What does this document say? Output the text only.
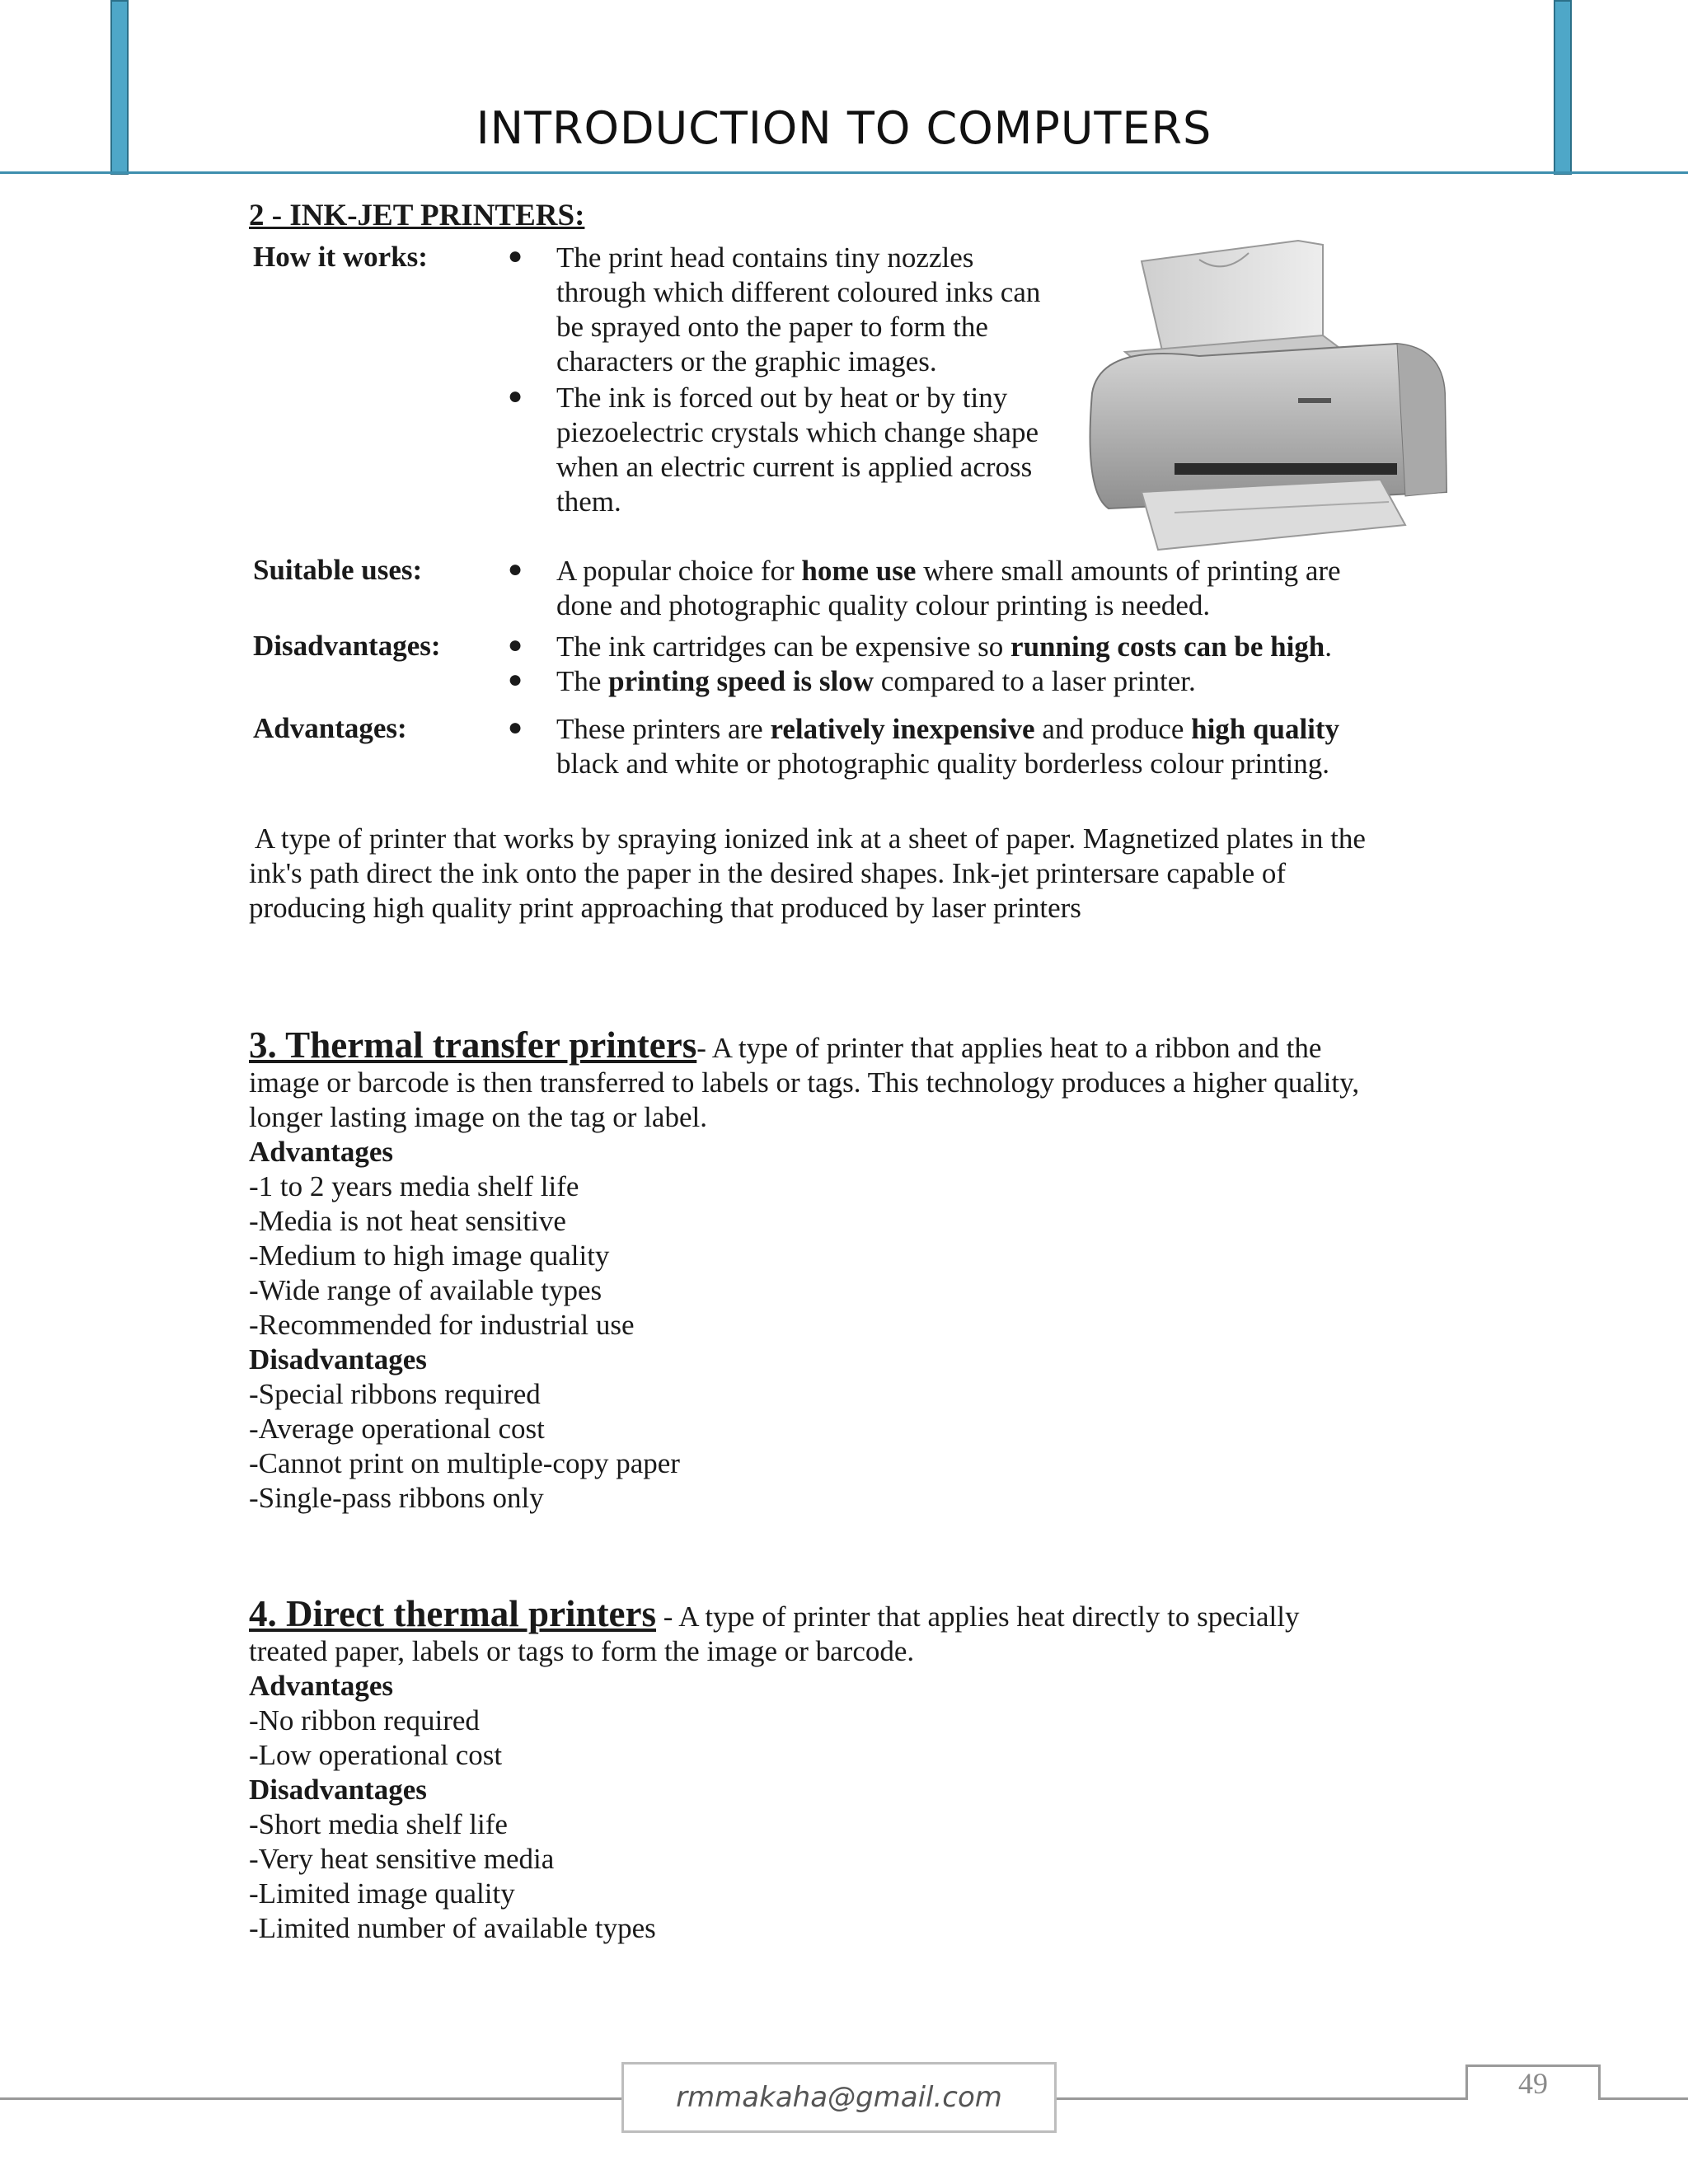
INTRODUCTION TO COMPUTERS
2 - INK-JET PRINTERS:
How it works:	● The print head contains tiny nozzles
through which different coloured inks can
be sprayed onto the paper to form the
characters or the graphic images.
● The ink is forced out by heat or by tiny
piezoelectric crystals which change shape
when an electric current is applied across
them.
Suitable uses:	● A popular choice for home use where small amounts of printing are
done and photographic quality colour printing is needed.
Disadvantages:	● The ink cartridges can be expensive so running costs can be high.
● The printing speed is slow compared to a laser printer.
Advantages:	● These printers are relatively inexpensive and produce high quality
black and white or photographic quality borderless colour printing.
A type of printer that works by spraying ionized ink at a sheet of paper. Magnetized plates in the
ink's path direct the ink onto the paper in the desired shapes. Ink-jet printersare capable of
producing high quality print approaching that produced by laser printers
3. Thermal transfer printers- A type of printer that applies heat to a ribbon and the
image or barcode is then transferred to labels or tags. This technology produces a higher quality,
longer lasting image on the tag or label.
Advantages
-1 to 2 years media shelf life
-Media is not heat sensitive
-Medium to high image quality
-Wide range of available types
-Recommended for industrial use
Disadvantages
-Special ribbons required
-Average operational cost
-Cannot print on multiple-copy paper
-Single-pass ribbons only
4. Direct thermal printers - A type of printer that applies heat directly to specially
treated paper, labels or tags to form the image or barcode.
Advantages
-No ribbon required
-Low operational cost
Disadvantages
-Short media shelf life
-Very heat sensitive media
-Limited image quality
-Limited number of available types
rmmakaha@gmail.com	49
